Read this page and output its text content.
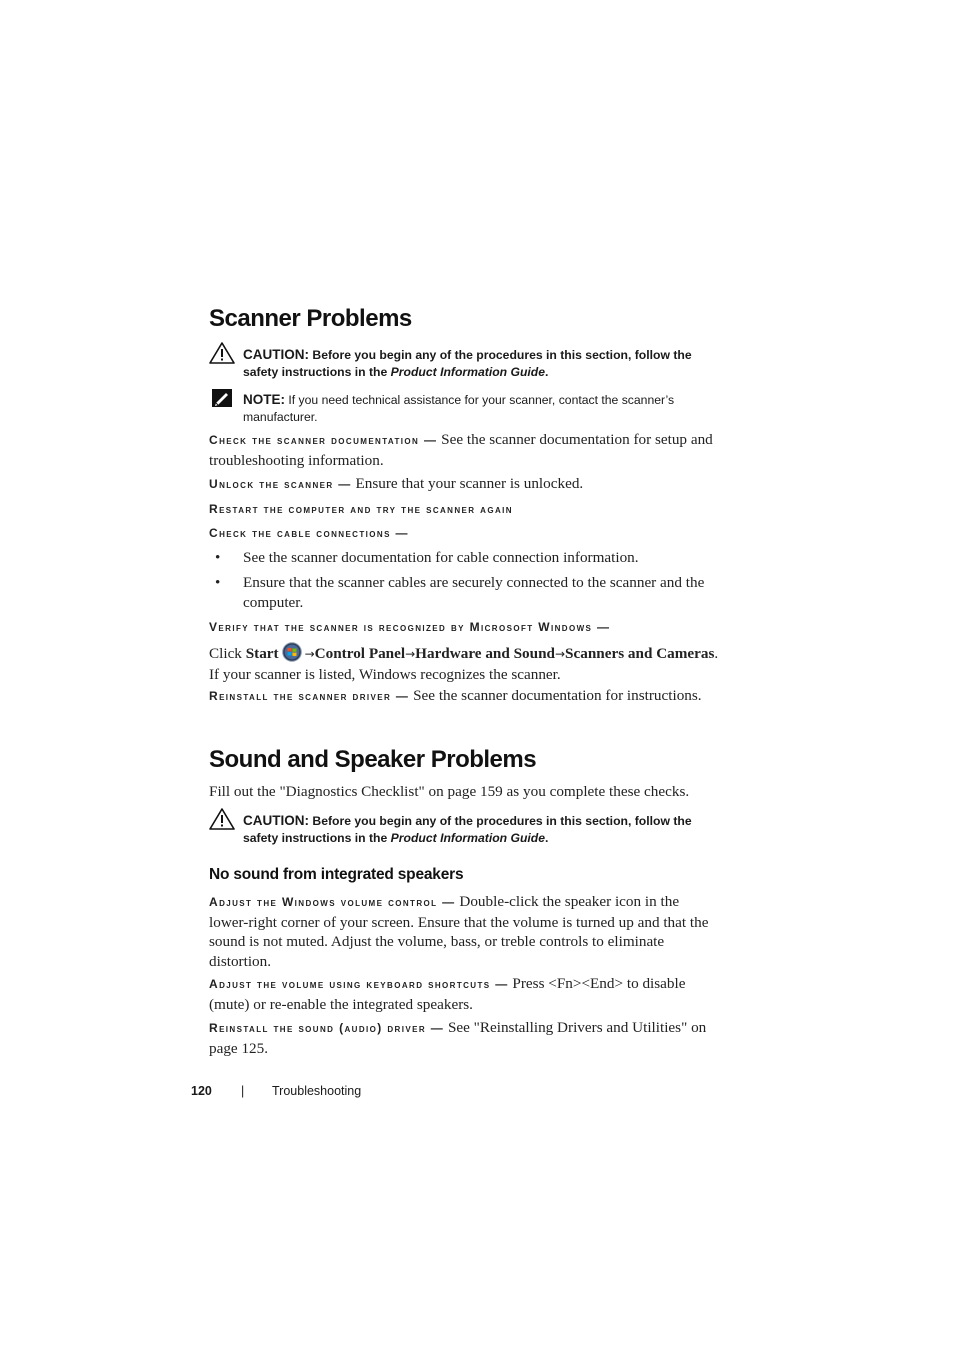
Scanner Problems
CAUTION: Before you begin any of the procedures in this section, follow the safety instructions in the Product Information Guide.
NOTE: If you need technical assistance for your scanner, contact the scanner’s manufacturer.
Check the scanner documentation — See the scanner documentation for setup and troubleshooting information.
Unlock the scanner — Ensure that your scanner is unlocked.
Restart the computer and try the scanner again
Check the cable connections —
• See the scanner documentation for cable connection information.
• Ensure that the scanner cables are securely connected to the scanner and the computer.
Verify that the scanner is recognized by Microsoft Windows —
Click Start →Control Panel→Hardware and Sound→Scanners and Cameras. If your scanner is listed, Windows recognizes the scanner.
Reinstall the scanner driver — See the scanner documentation for instructions.
Sound and Speaker Problems
Fill out the "Diagnostics Checklist" on page 159 as you complete these checks.
CAUTION: Before you begin any of the procedures in this section, follow the safety instructions in the Product Information Guide.
No sound from integrated speakers
Adjust the Windows volume control — Double-click the speaker icon in the lower-right corner of your screen. Ensure that the volume is turned up and that the sound is not muted. Adjust the volume, bass, or treble controls to eliminate distortion.
Adjust the volume using keyboard shortcuts — Press <Fn><End> to disable (mute) or re-enable the integrated speakers.
Reinstall the sound (audio) driver — See "Reinstalling Drivers and Utilities" on page 125.
120 | Troubleshooting
